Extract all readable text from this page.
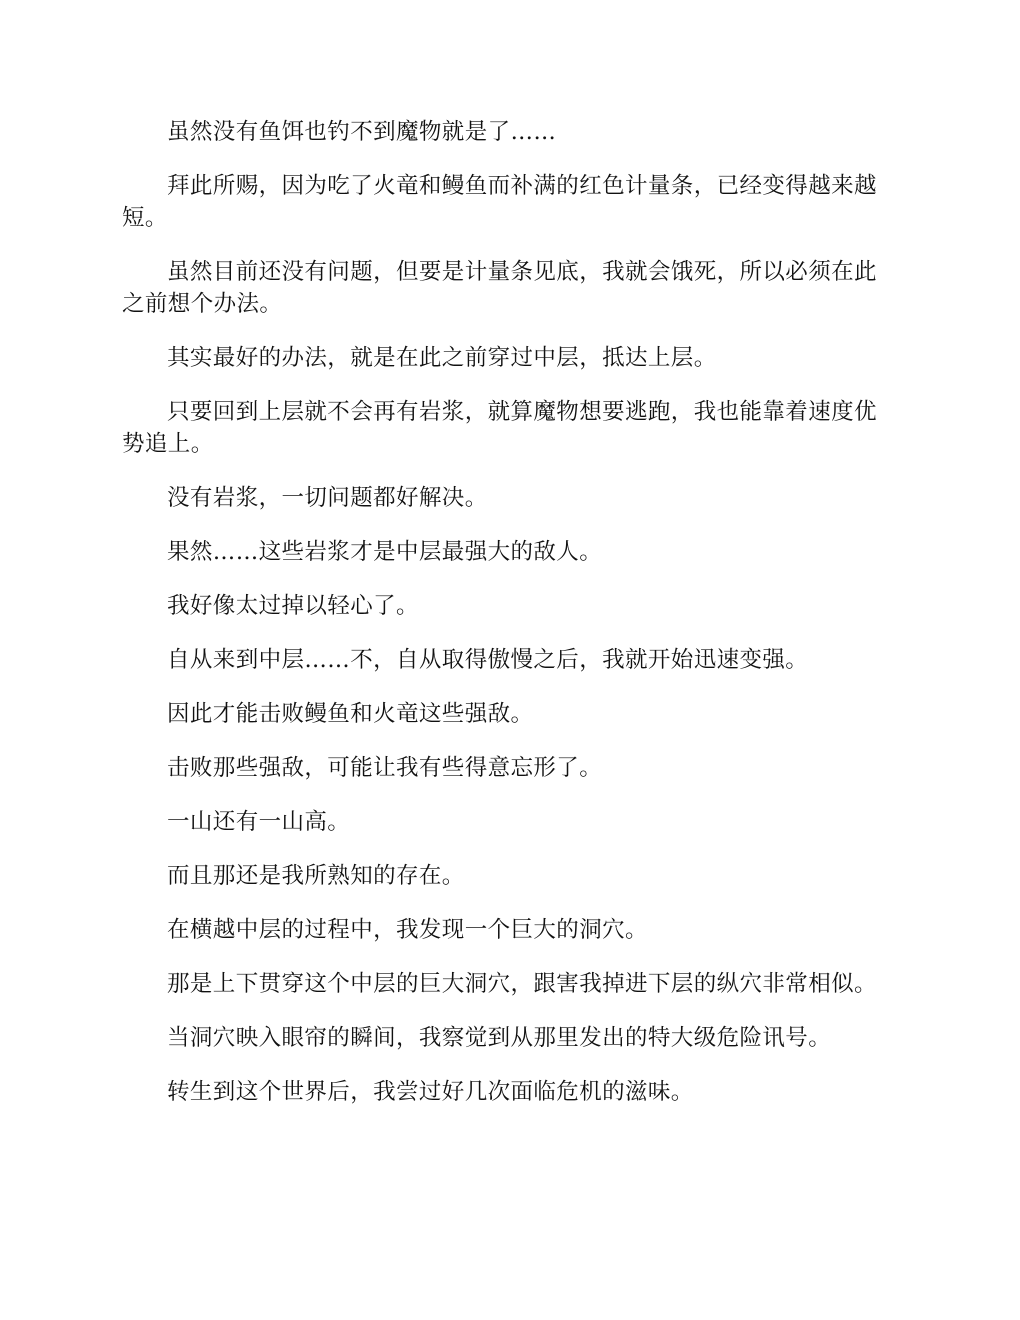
虽然没有鱼饵也钓不到魔物就是了……

拜此所赐，因为吃了火竜和鳗鱼而补满的红色计量条，已经变得越来越短。

虽然目前还没有问题，但要是计量条见底，我就会饿死，所以必须在此之前想个办法。

其实最好的办法，就是在此之前穿过中层，抵达上层。

只要回到上层就不会再有岩浆，就算魔物想要逃跑，我也能靠着速度优势追上。

没有岩浆，一切问题都好解决。

果然……这些岩浆才是中层最强大的敌人。

我好像太过掉以轻心了。

自从来到中层……不，自从取得傲慢之后，我就开始迅速变强。

因此才能击败鳗鱼和火竜这些强敌。

击败那些强敌，可能让我有些得意忘形了。

一山还有一山高。

而且那还是我所熟知的存在。

在横越中层的过程中，我发现一个巨大的洞穴。

那是上下贯穿这个中层的巨大洞穴，跟害我掉进下层的纵穴非常相似。

当洞穴映入眼帘的瞬间，我察觉到从那里发出的特大级危险讯号。

转生到这个世界后，我尝过好几次面临危机的滋味。
